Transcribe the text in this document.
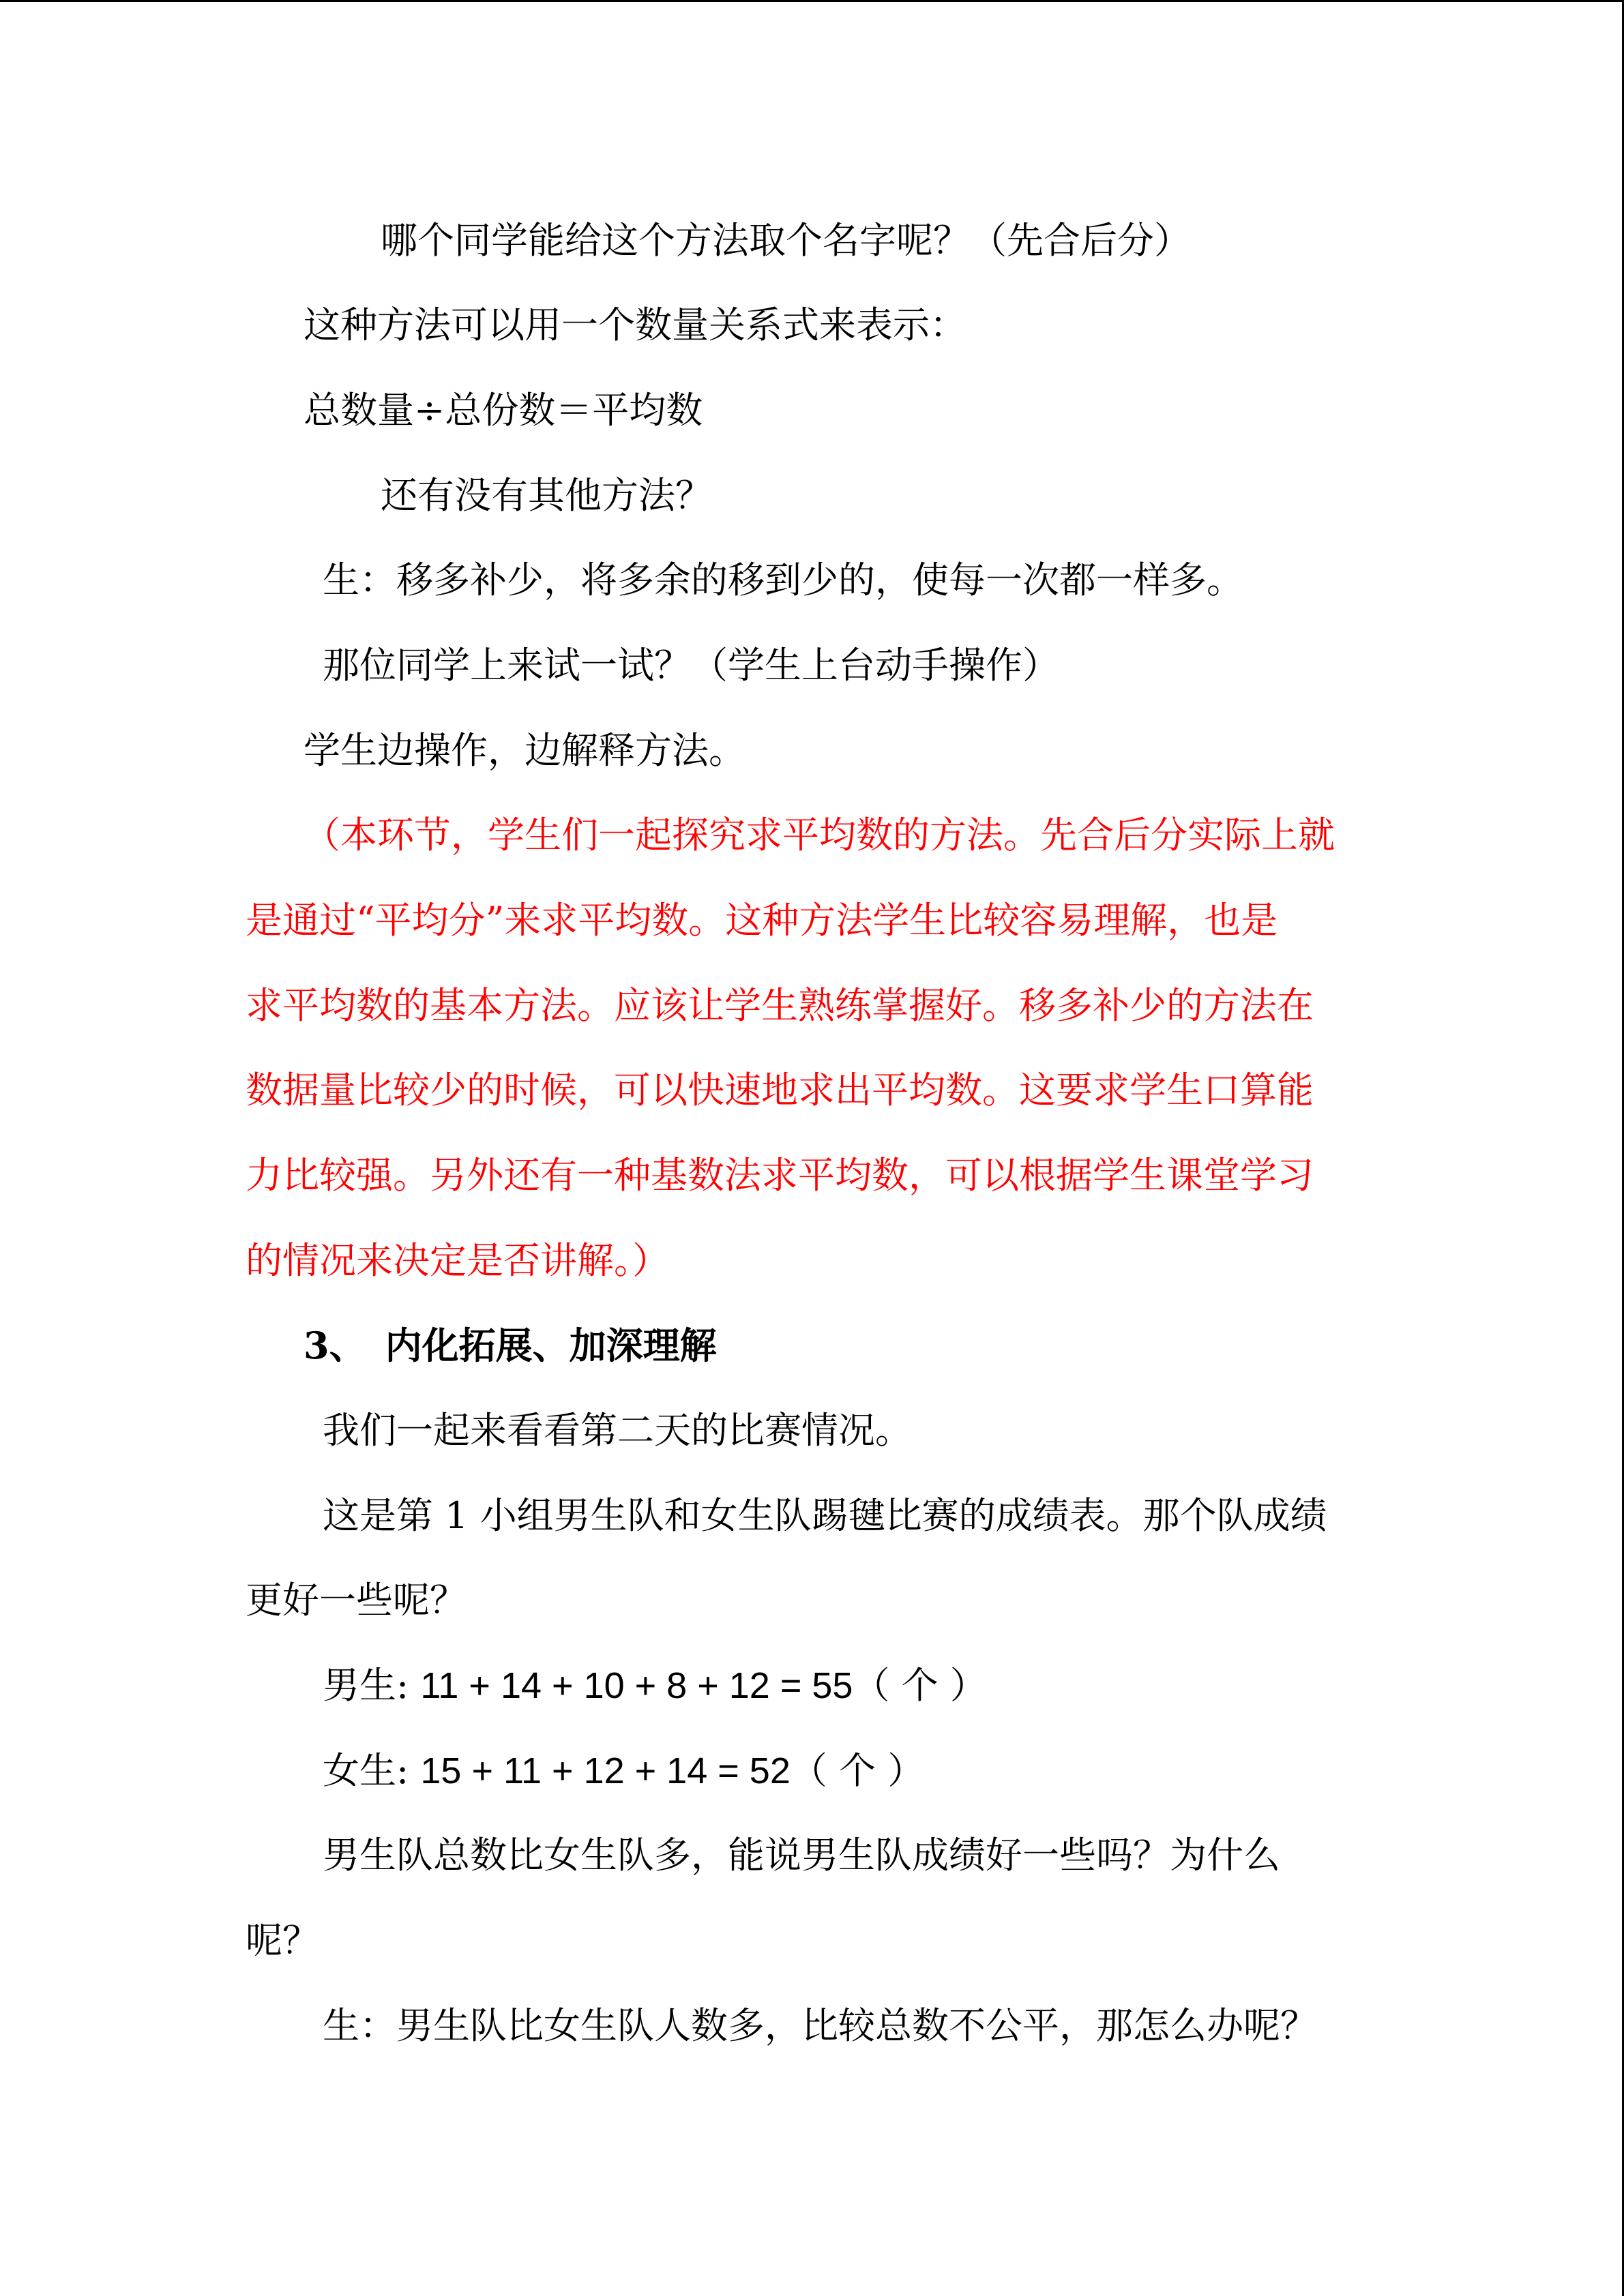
哪个同学能给这个方法取个名字呢？（先合后分）
这种方法可以用一个数量关系式来表示：
总数量÷总份数＝平均数
还有没有其他方法？
生：移多补少，将多余的移到少的，使每一次都一样多。
那位同学上来试一试？（学生上台动手操作）
学生边操作，边解释方法。
（本环节，学生们一起探究求平均数的方法。先合后分实际上就
是通过“平均分”来求平均数。这种方法学生比较容易理解，也是
求平均数的基本方法。应该让学生熟练掌握好。移多补少的方法在
数据量比较少的时候，可以快速地求出平均数。这要求学生口算能
力比较强。另外还有一种基数法求平均数，可以根据学生课堂学习
的情况来决定是否讲解。）
3、 内化拓展、加深理解
我们一起来看看第二天的比赛情况。
这是第 1 小组男生队和女生队踢毽比赛的成绩表。那个队成绩
更好一些呢？
男生: 11 + 14 + 10 + 8 + 12 = 55（ 个 ）
女生: 15 + 11 + 12 + 14 = 52（ 个 ）
男生队总数比女生队多，能说男生队成绩好一些吗？为什么
呢？
生：男生队比女生队人数多，比较总数不公平，那怎么办呢？
